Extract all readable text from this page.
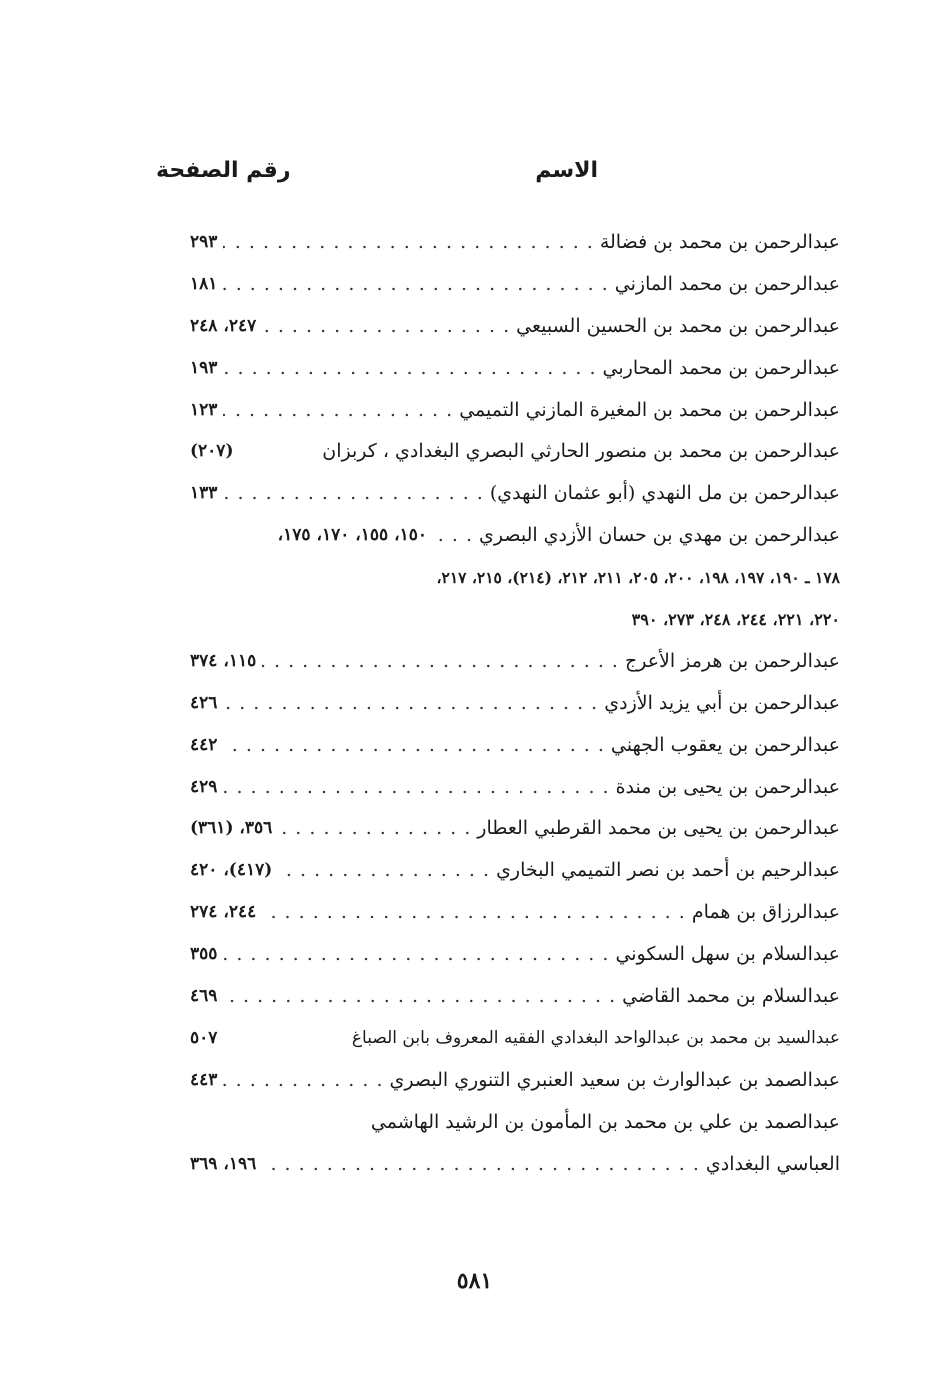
الاسم
رقم الصفحة
عبدالرحمن بن محمد بن فضالة
. . .
٢٩٣
عبدالرحمن بن محمد المازني
. . .
١٨١
عبدالرحمن بن محمد بن الحسين السبيعي
. . .
٢٤٧، ٢٤٨
عبدالرحمن بن محمد المحاربي
. . .
١٩٣
عبدالرحمن بن محمد بن المغيرة المازني التميمي
. . .
١٢٣
عبدالرحمن بن محمد بن منصور الحارثي البصري البغدادي ، كربزان
(٢٠٧)
عبدالرحمن بن مل النهدي (أبو عثمان النهدي)
. . .
١٣٣
عبدالرحمن بن مهدي بن حسان الأزدي البصري
. . .
١٥٠، ١٥٥، ١٧٠، ١٧٥،
١٧٨ ـ ١٩٠، ١٩٧، ١٩٨، ٢٠٠، ٢٠٥، ٢١١، ٢١٢، (٢١٤)، ٢١٥، ٢١٧،
٢٢٠، ٢٢١، ٢٤٤، ٢٤٨، ٢٧٣، ٣٩٠
عبدالرحمن بن هرمز الأعرج
. . .
١١٥، ٣٧٤
عبدالرحمن بن أبي يزيد الأزدي
. . .
٤٢٦
عبدالرحمن بن يعقوب الجهني
. . .
٤٤٢
عبدالرحمن بن يحيى بن مندة
. . .
٤٢٩
عبدالرحمن بن يحيى بن محمد القرطبي العطار
. . .
٣٥٦، (٣٦١)
عبدالرحيم بن أحمد بن نصر التميمي البخاري
. . .
(٤١٧)، ٤٢٠
عبدالرزاق بن همام
. . .
٢٤٤، ٢٧٤
عبدالسلام بن سهل السكوني
. . .
٣٥٥
عبدالسلام بن محمد القاضي
. . .
٤٦٩
عبدالسيد بن محمد بن عبدالواحد البغدادي الفقيه المعروف بابن الصباغ
٥٠٧
عبدالصمد بن عبدالوارث بن سعيد العنبري التنوري البصري
. . .
٤٤٣
عبدالصمد بن علي بن محمد بن المأمون بن الرشيد الهاشمي
العباسي البغدادي
. . .
١٩٦، ٣٦٩
٥٨١
